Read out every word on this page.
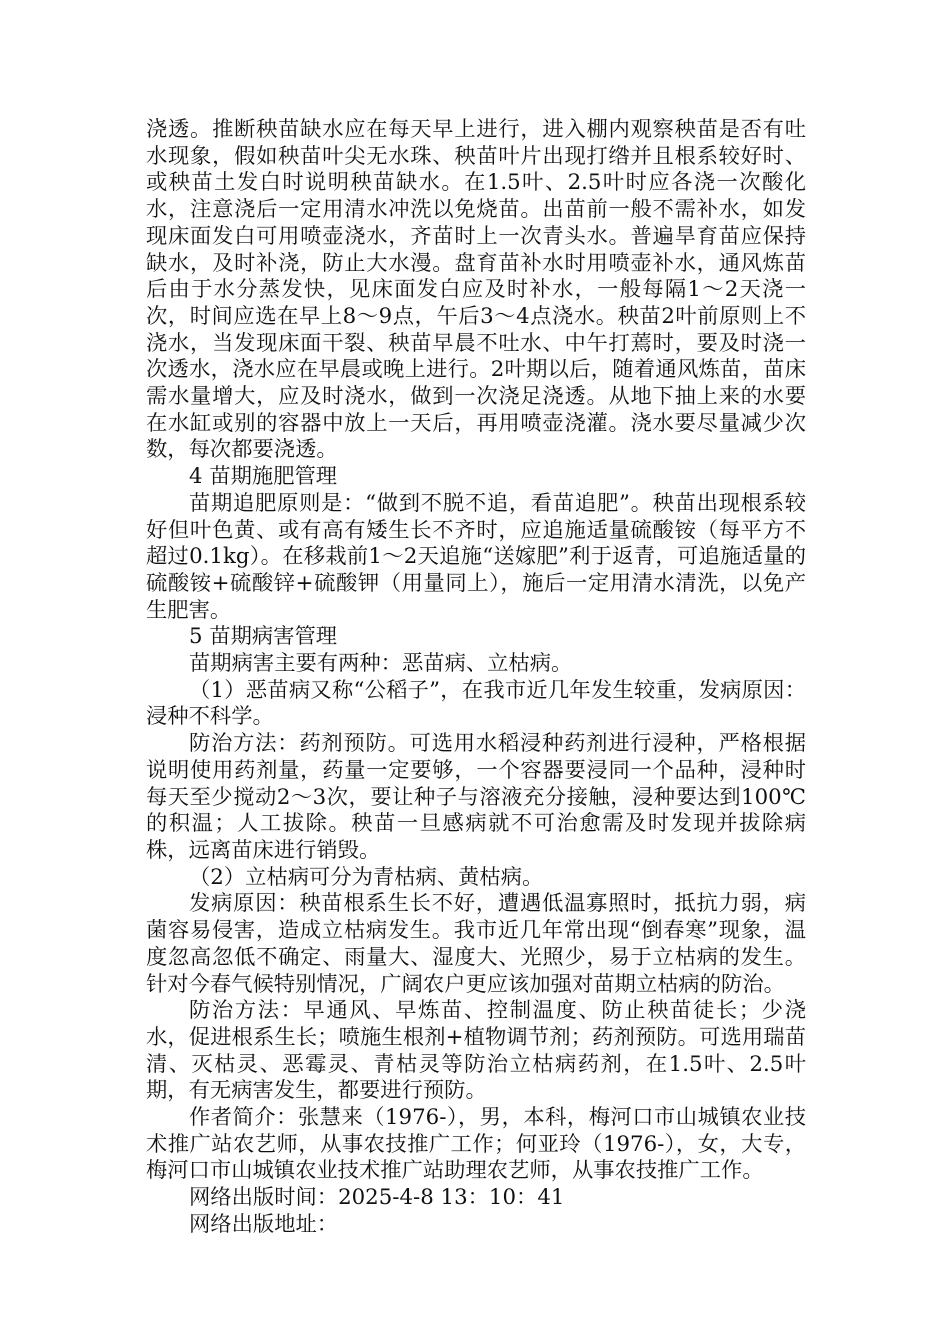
浇透。推断秧苗缺水应在每天早上进行，进入棚内观察秧苗是否有吐水现象，假如秧苗叶尖无水珠、秧苗叶片出现打绺并且根系较好时、或秧苗土发白时说明秧苗缺水。在1.5叶、2.5叶时应各浇一次酸化水，注意浇后一定用清水冲洗以免烧苗。出苗前一般不需补水，如发现床面发白可用喷壶浇水，齐苗时上一次青头水。普遍旱育苗应保持缺水，及时补浇，防止大水漫。盘育苗补水时用喷壶补水，通风炼苗后由于水分蒸发快，见床面发白应及时补水，一般每隔1～2天浇一次，时间应选在早上8～9点，午后3～4点浇水。秧苗2叶前原则上不浇水，当发现床面干裂、秧苗早晨不吐水、中午打蔫时，要及时浇一次透水，浇水应在早晨或晚上进行。2叶期以后，随着通风炼苗，苗床需水量增大，应及时浇水，做到一次浇足浇透。从地下抽上来的水要在水缸或别的容器中放上一天后，再用喷壶浇灌。浇水要尽量减少次数，每次都要浇透。

4 苗期施肥管理

苗期追肥原则是：“做到不脱不追，看苗追肥”。秧苗出现根系较好但叶色黄、或有高有矮生长不齐时，应追施适量硫酸铵（每平方不超过0.1kg）。在移栽前1～2天追施“送嫁肥”利于返青，可追施适量的硫酸铵+硫酸锌+硫酸钾（用量同上），施后一定用清水清洗，以免产生肥害。

5 苗期病害管理

苗期病害主要有两种：恶苗病、立枯病。

（1）恶苗病又称“公稻子”，在我市近几年发生较重，发病原因：浸种不科学。

防治方法：药剂预防。可选用水稻浸种药剂进行浸种，严格根据说明使用药剂量，药量一定要够，一个容器要浸同一个品种，浸种时每天至少搅动2～3次，要让种子与溶液充分接触，浸种要达到100℃的积温；人工拔除。秧苗一旦感病就不可治愈需及时发现并拔除病株，远离苗床进行销毁。

（2）立枯病可分为青枯病、黄枯病。

发病原因：秧苗根系生长不好，遭遇低温寡照时，抵抗力弱，病菌容易侵害，造成立枯病发生。我市近几年常出现“倒春寒”现象，温度忽高忽低不确定、雨量大、湿度大、光照少，易于立枯病的发生。针对今春气候特别情况，广阔农户更应该加强对苗期立枯病的防治。

防治方法：早通风、早炼苗、控制温度、防止秧苗徒长；少浇水，促进根系生长；喷施生根剂+植物调节剂；药剂预防。可选用瑞苗清、灭枯灵、恶霉灵、青枯灵等防治立枯病药剂，在1.5叶、2.5叶期，有无病害发生，都要进行预防。

作者简介：张慧来（1976-），男，本科，梅河口市山城镇农业技术推广站农艺师，从事农技推广工作；何亚玲（1976-），女，大专，梅河口市山城镇农业技术推广站助理农艺师，从事农技推广工作。

网络出版时间：2025-4-8 13：10：41

网络出版地址：
